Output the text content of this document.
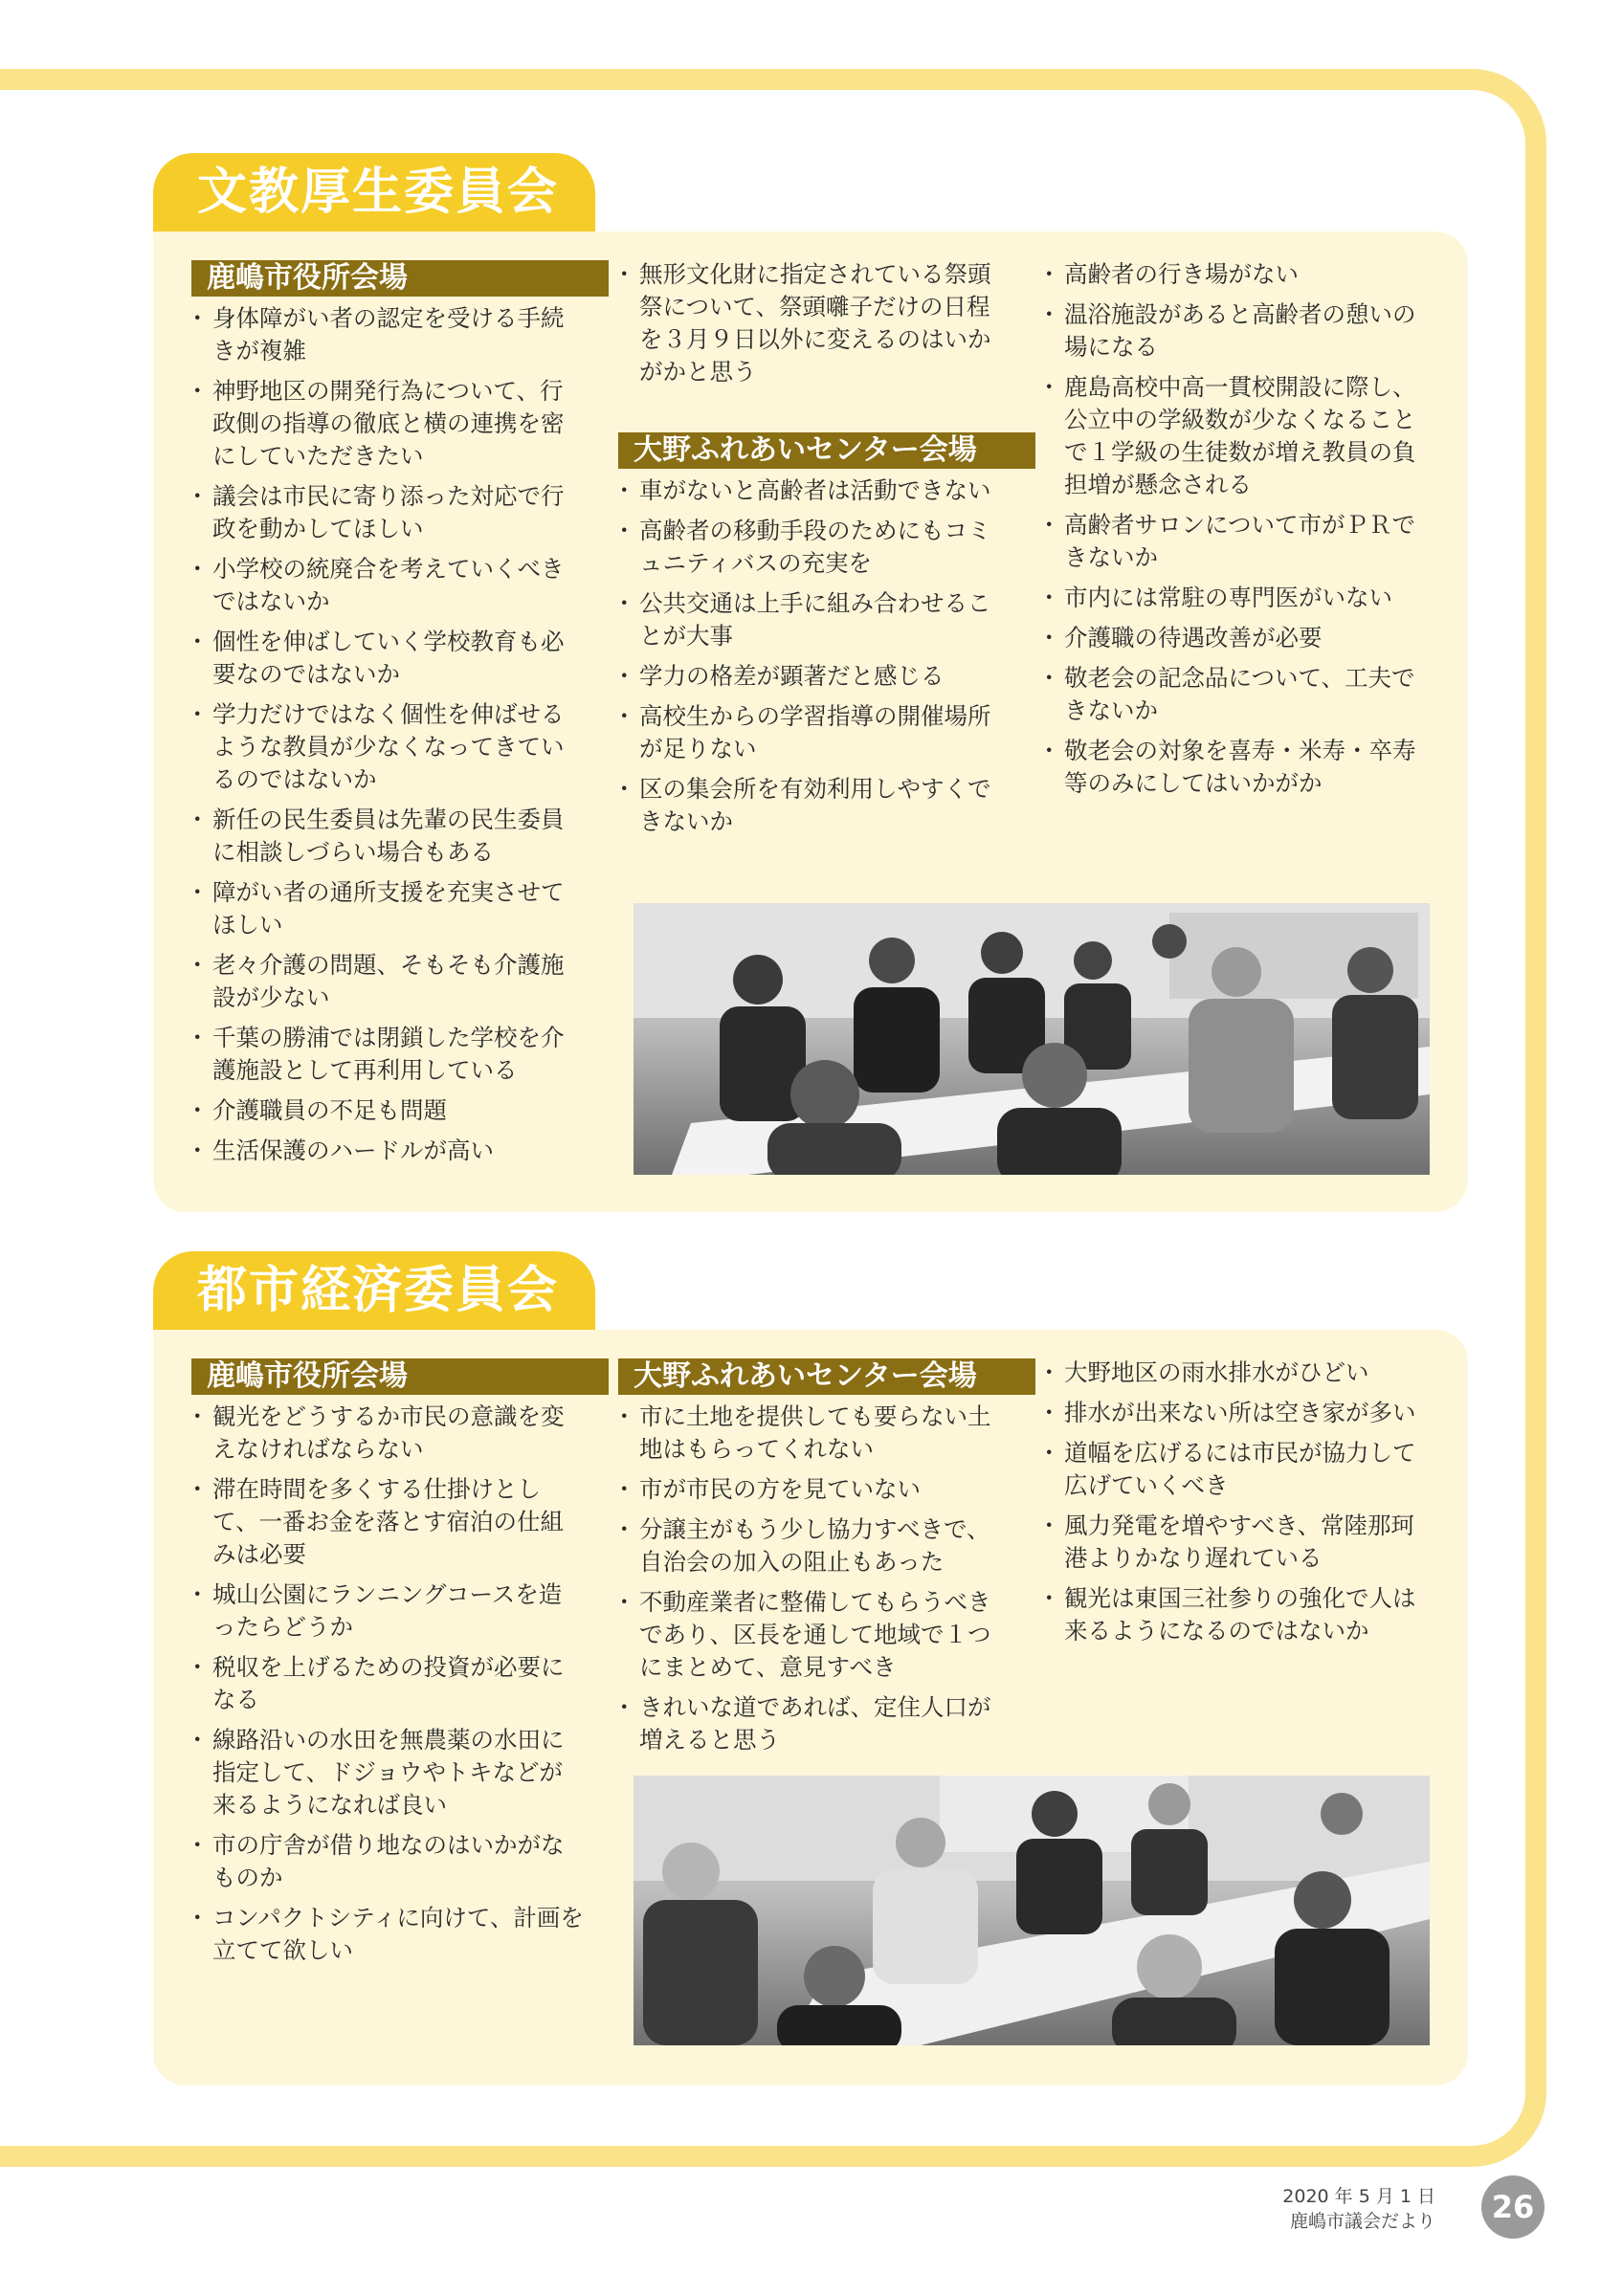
文教厚生委員会
鹿嶋市役所会場
・ 身体障がい者の認定を受ける手続きが複雑
・ 神野地区の開発行為について、行政側の指導の徹底と横の連携を密にしていただきたい
・ 議会は市民に寄り添った対応で行政を動かしてほしい
・ 小学校の統廃合を考えていくべきではないか
・ 個性を伸ばしていく学校教育も必要なのではないか
・ 学力だけではなく個性を伸ばせるような教員が少なくなってきているのではないか
・ 新任の民生委員は先輩の民生委員に相談しづらい場合もある
・ 障がい者の通所支援を充実させてほしい
・ 老々介護の問題、そもそも介護施設が少ない
・ 千葉の勝浦では閉鎖した学校を介護施設として再利用している
・ 介護職員の不足も問題
・ 生活保護のハードルが高い
・ 無形文化財に指定されている祭頭祭について、祭頭囃子だけの日程を３月９日以外に変えるのはいかがかと思う
大野ふれあいセンター会場
・ 車がないと高齢者は活動できない
・ 高齢者の移動手段のためにもコミュニティバスの充実を
・ 公共交通は上手に組み合わせることが大事
・ 学力の格差が顕著だと感じる
・ 高校生からの学習指導の開催場所が足りない
・ 区の集会所を有効利用しやすくできないか
・ 高齢者の行き場がない
・ 温浴施設があると高齢者の憩いの場になる
・ 鹿島高校中高一貫校開設に際し、公立中の学級数が少なくなることで１学級の生徒数が増え教員の負担増が懸念される
・ 高齢者サロンについて市がＰＲできないか
・ 市内には常駐の専門医がいない
・ 介護職の待遇改善が必要
・ 敬老会の記念品について、工夫できないか
・ 敬老会の対象を喜寿・米寿・卒寿等のみにしてはいかがか
都市経済委員会
鹿嶋市役所会場
・ 観光をどうするか市民の意識を変えなければならない
・ 滞在時間を多くする仕掛けとして、一番お金を落とす宿泊の仕組みは必要
・ 城山公園にランニングコースを造ったらどうか
・ 税収を上げるための投資が必要になる
・ 線路沿いの水田を無農薬の水田に指定して、ドジョウやトキなどが来るようになれば良い
・ 市の庁舎が借り地なのはいかがなものか
・ コンパクトシティに向けて、計画を立てて欲しい
大野ふれあいセンター会場
・ 市に土地を提供しても要らない土地はもらってくれない
・ 市が市民の方を見ていない
・ 分譲主がもう少し協力すべきで、自治会の加入の阻止もあった
・ 不動産業者に整備してもらうべきであり、区長を通して地域で１つにまとめて、意見すべき
・ きれいな道であれば、定住人口が増えると思う
・ 大野地区の雨水排水がひどい
・ 排水が出来ない所は空き家が多い
・ 道幅を広げるには市民が協力して広げていくべき
・ 風力発電を増やすべき、常陸那珂港よりかなり遅れている
・ 観光は東国三社参りの強化で人は来るようになるのではないか
2020 年 5 月 1 日
鹿嶋市議会だより	26
